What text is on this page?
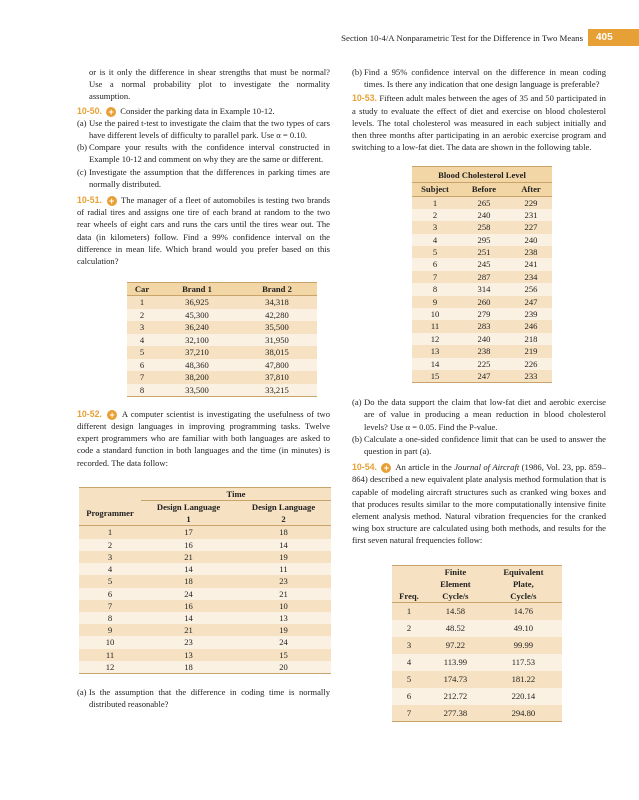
Section 10-4/A Nonparametric Test for the Difference in Two Means	405

or is it only the difference in shear strengths that must be normal? Use a normal probability plot to investigate the normality assumption.

10-50. + Consider the parking data in Example 10-12.

(a) Use the paired t-test to investigate the claim that the two types of cars have different levels of difficulty to parallel park. Use α = 0.10.
(b) Compare your results with the confidence interval constructed in Example 10-12 and comment on why they are the same or different.
(c) Investigate the assumption that the differences in parking times are normally distributed.

10-51. + The manager of a fleet of automobiles is testing two brands of radial tires and assigns one tire of each brand at random to the two rear wheels of eight cars and runs the cars until the tires wear out. The data (in kilometers) follow. Find a 99% confidence interval on the difference in mean life. Which brand would you prefer based on this calculation?

Car	Brand 1	Brand 2
1	36,925	34,318
2	45,300	42,280
3	36,240	35,500
4	32,100	31,950
5	37,210	38,015
6	48,360	47,800
7	38,200	37,810
8	33,500	33,215

10-52. + A computer scientist is investigating the usefulness of two different design languages in improving programming tasks. Twelve expert programmers who are familiar with both languages are asked to code a standard function in both languages and the time (in minutes) is recorded. The data follow:

	Time	
Programmer	Design Language	Design Language
	1	2
1	17	18
2	16	14
3	21	19
4	14	11
5	18	23
6	24	21
7	16	10
8	14	13
9	21	19
10	23	24
11	13	15
12	18	20
(a) Is the assumption that the difference in coding time is normally distributed reasonable?
(b) Find a 95% confidence interval on the difference in mean coding times. Is there any indication that one design language is preferable?

10-53. Fifteen adult males between the ages of 35 and 50 participated in a study to evaluate the effect of diet and exercise on blood cholesterol levels. The total cholesterol was measured in each subject initially and then three months after participating in an aerobic exercise program and switching to a low-fat diet. The data are shown in the following table.

Blood Cholesterol Level		
Subject	Before	After
1	265	229
2	240	231
3	258	227
4	295	240
5	251	238
6	245	241
7	287	234
8	314	256
9	260	247
10	279	239
11	283	246
12	240	218
13	238	219
14	225	226
15	247	233
(a) Do the data support the claim that low-fat diet and aerobic exercise are of value in producing a mean reduction in blood cholesterol levels? Use α = 0.05. Find the P-value.
(b) Calculate a one-sided confidence limit that can be used to answer the question in part (a).

10-54. + An article in the Journal of Aircraft (1986, Vol. 23, pp. 859–864) described a new equivalent plate analysis method formulation that is capable of modeling aircraft structures such as cranked wing boxes and that produces results similar to the more computationally intensive finite element analysis method. Natural vibration frequencies for the cranked wing box structure are calculated using both methods, and results for the first seven natural frequencies follow:

	Finite	Equivalent
	Element	Plate,
Freq.	Cycle/s	Cycle/s
1	14.58	14.76
2	48.52	49.10
3	97.22	99.99
4	113.99	117.53
5	174.73	181.22
6	212.72	220.14
7	277.38	294.80
